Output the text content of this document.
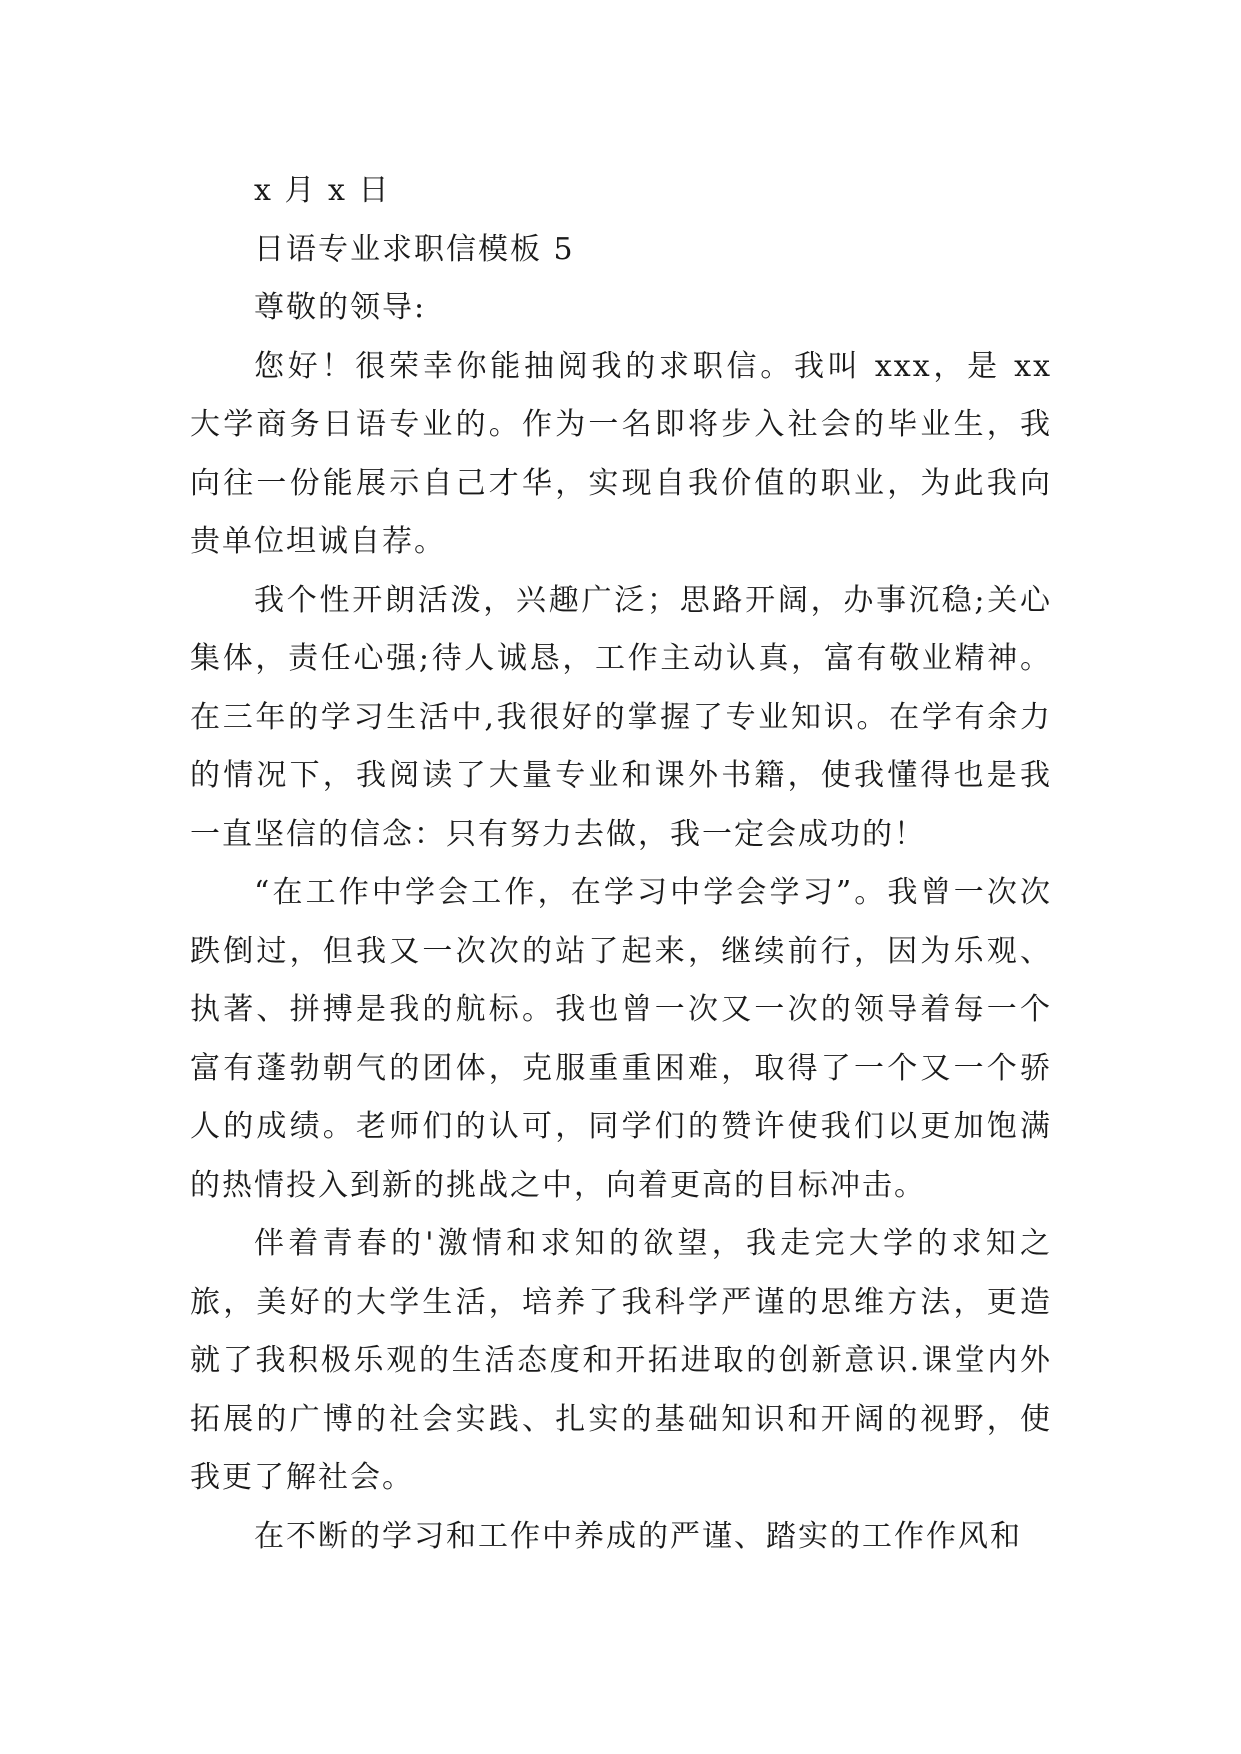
x 月 x 日

日语专业求职信模板 5

尊敬的领导:

您好！很荣幸你能抽阅我的求职信。我叫 xxx，是 xx 大学商务日语专业的。作为一名即将步入社会的毕业生，我向往一份能展示自己才华，实现自我价值的职业，为此我向贵单位坦诚自荐。

我个性开朗活泼，兴趣广泛；思路开阔，办事沉稳;关心集体，责任心强;待人诚恳，工作主动认真，富有敬业精神。在三年的学习生活中,我很好的掌握了专业知识。在学有余力的情况下，我阅读了大量专业和课外书籍，使我懂得也是我一直坚信的信念：只有努力去做，我一定会成功的！

“在工作中学会工作，在学习中学会学习”。我曾一次次跌倒过，但我又一次次的站了起来，继续前行，因为乐观、执著、拼搏是我的航标。我也曾一次又一次的领导着每一个富有蓬勃朝气的团体，克服重重困难，取得了一个又一个骄人的成绩。老师们的认可，同学们的赞许使我们以更加饱满的热情投入到新的挑战之中，向着更高的目标冲击。

伴着青春的'激情和求知的欲望，我走完大学的求知之旅，美好的大学生活，培养了我科学严谨的思维方法，更造就了我积极乐观的生活态度和开拓进取的创新意识.课堂内外拓展的广博的社会实践、扎实的基础知识和开阔的视野，使我更了解社会。

在不断的学习和工作中养成的严谨、踏实的工作作风和
